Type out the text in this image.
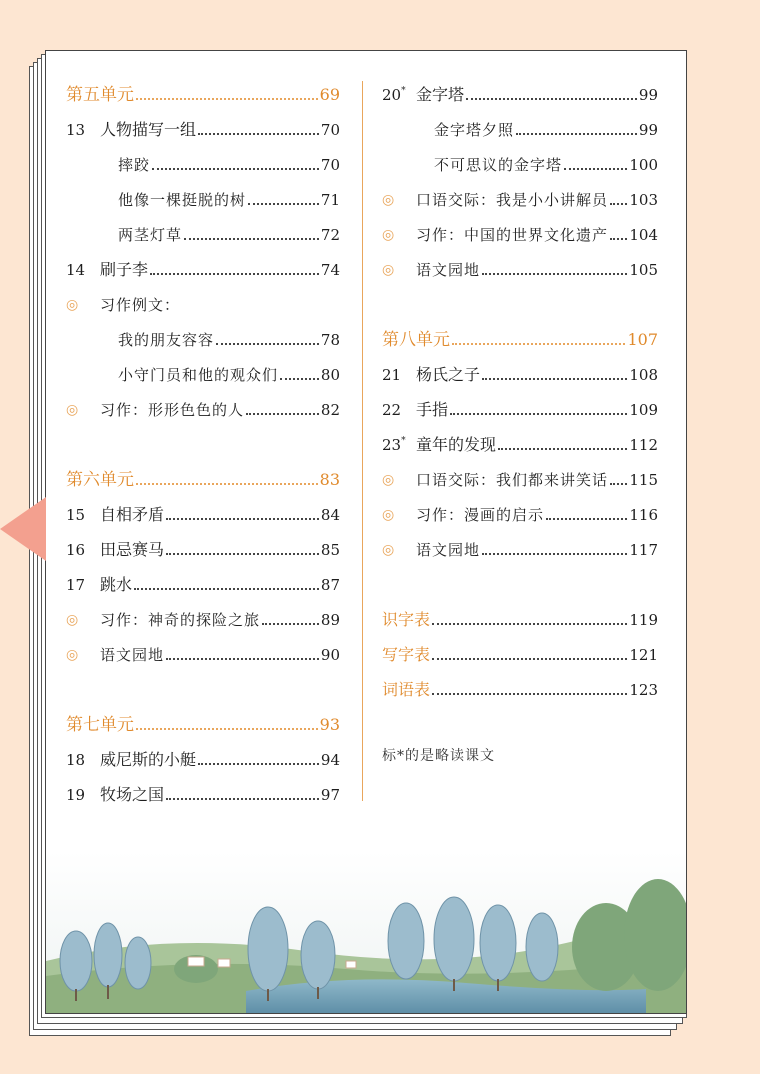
第五单元	69
13 人物描写一组	70
摔跤	70
他像一棵挺脱的树	71
两茎灯草	72
14 刷子李	74
◎	习作例文：
我的朋友容容	78
小守门员和他的观众们	80
◎	习作：形形色色的人	82
第六单元	83
15 自相矛盾	84
16 田忌赛马	85
17 跳水	87
◎	习作：神奇的探险之旅	89
◎	语文园地	90
第七单元	93
18 威尼斯的小艇	94
19 牧场之国	97
标*的是略读课文
20* 金字塔	99
金字塔夕照	99
不可思议的金字塔	100
◎	口语交际：我是小小讲解员 103
◎	习作：中国的世界文化遗产 104
◎	语文园地	105
第八单元	107
21 杨氏之子	108
22 手指	109
23* 童年的发现	112
◎	口语交际：我们都来讲笑话 115
◎	习作：漫画的启示	116
◎	语文园地	117
识字表	119
写字表	121
词语表	123
